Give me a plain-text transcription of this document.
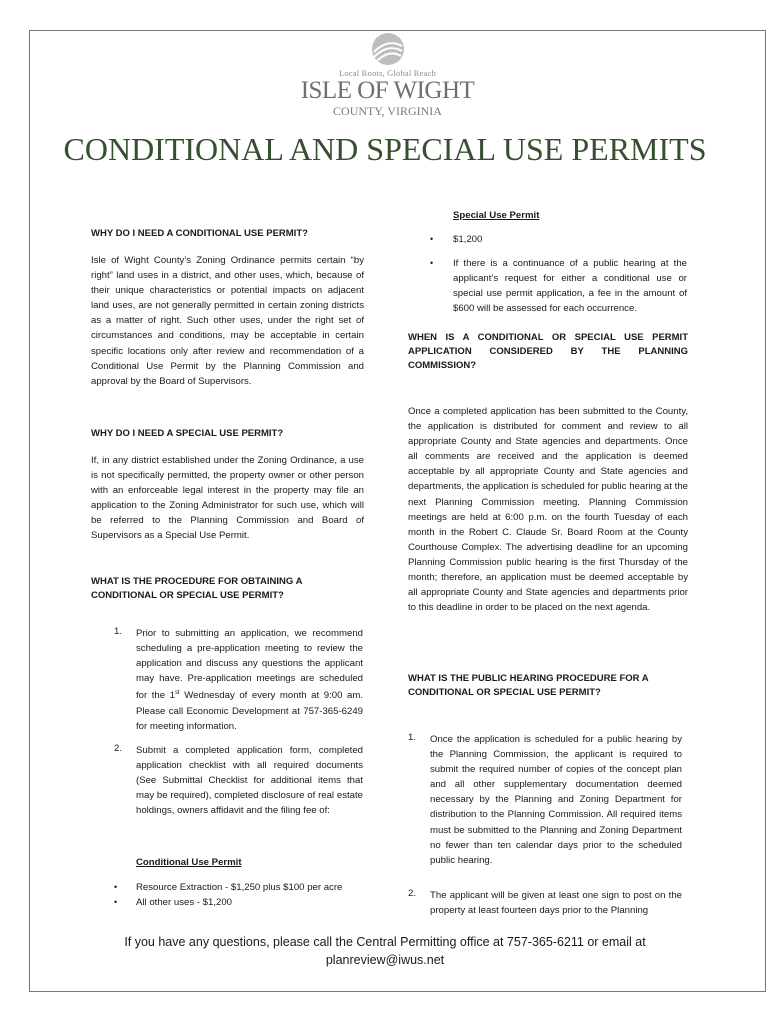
Local Roots, Global Reach
ISLE OF WIGHT
COUNTY, VIRGINIA
CONDITIONAL AND SPECIAL USE PERMITS
WHY DO I NEED A CONDITIONAL USE PERMIT?
Isle of Wight County’s Zoning Ordinance permits certain “by right” land uses in a district, and other uses, which, because of their unique characteristics or potential impacts on adjacent land uses, are not generally permitted in certain zoning districts as a matter of right. Such other uses, under the right set of circumstances and conditions, may be acceptable in certain specific locations only after review and recommendation of a Conditional Use Permit by the Planning Commission and approval by the Board of Supervisors.
WHY DO I NEED A SPECIAL USE PERMIT?
If, in any district established under the Zoning Ordinance, a use is not specifically permitted, the property owner or other person with an enforceable legal interest in the property may file an application to the Zoning Administrator for such use, which will be referred to the Planning Commission and Board of Supervisors as a Special Use Permit.
WHAT IS THE PROCEDURE FOR OBTAINING A CONDITIONAL OR SPECIAL USE PERMIT?
1. Prior to submitting an application, we recommend scheduling a pre-application meeting to review the application and discuss any questions the applicant may have. Pre-application meetings are scheduled for the 1st Wednesday of every month at 9:00 am. Please call Economic Development at 757-365-6249 for meeting information.
2. Submit a completed application form, completed application checklist with all required documents (See Submittal Checklist for additional items that may be required), completed disclosure of real estate holdings, owners affidavit and the filing fee of:
Conditional Use Permit
• Resource Extraction - $1,250 plus $100 per acre
• All other uses - $1,200
Special Use Permit
• $1,200
• If there is a continuance of a public hearing at the applicant’s request for either a conditional use or special use permit application, a fee in the amount of $600 will be assessed for each occurrence.
WHEN IS A CONDITIONAL OR SPECIAL USE PERMIT APPLICATION CONSIDERED BY THE PLANNING COMMISSION?
Once a completed application has been submitted to the County, the application is distributed for comment and review to all appropriate County and State agencies and departments. Once all comments are received and the application is deemed acceptable by all appropriate County and State agencies and departments, the application is scheduled for public hearing at the next Planning Commission meeting. Planning Commission meetings are held at 6:00 p.m. on the fourth Tuesday of each month in the Robert C. Claude Sr. Board Room at the County Courthouse Complex. The advertising deadline for an upcoming Planning Commission public hearing is the first Thursday of the month; therefore, an application must be deemed acceptable by all appropriate County and State agencies and departments prior to this deadline in order to be placed on the next agenda.
WHAT IS THE PUBLIC HEARING PROCEDURE FOR A CONDITIONAL OR SPECIAL USE PERMIT?
1. Once the application is scheduled for a public hearing by the Planning Commission, the applicant is required to submit the required number of copies of the concept plan and all other supplementary documentation deemed necessary by the Planning and Zoning Department for distribution to the Planning Commission. All required items must be submitted to the Planning and Zoning Department no fewer than ten calendar days prior to the scheduled public hearing.
2. The applicant will be given at least one sign to post on the property at least fourteen days prior to the Planning
If you have any questions, please call the Central Permitting office at 757-365-6211 or email at
planreview@iwus.net
